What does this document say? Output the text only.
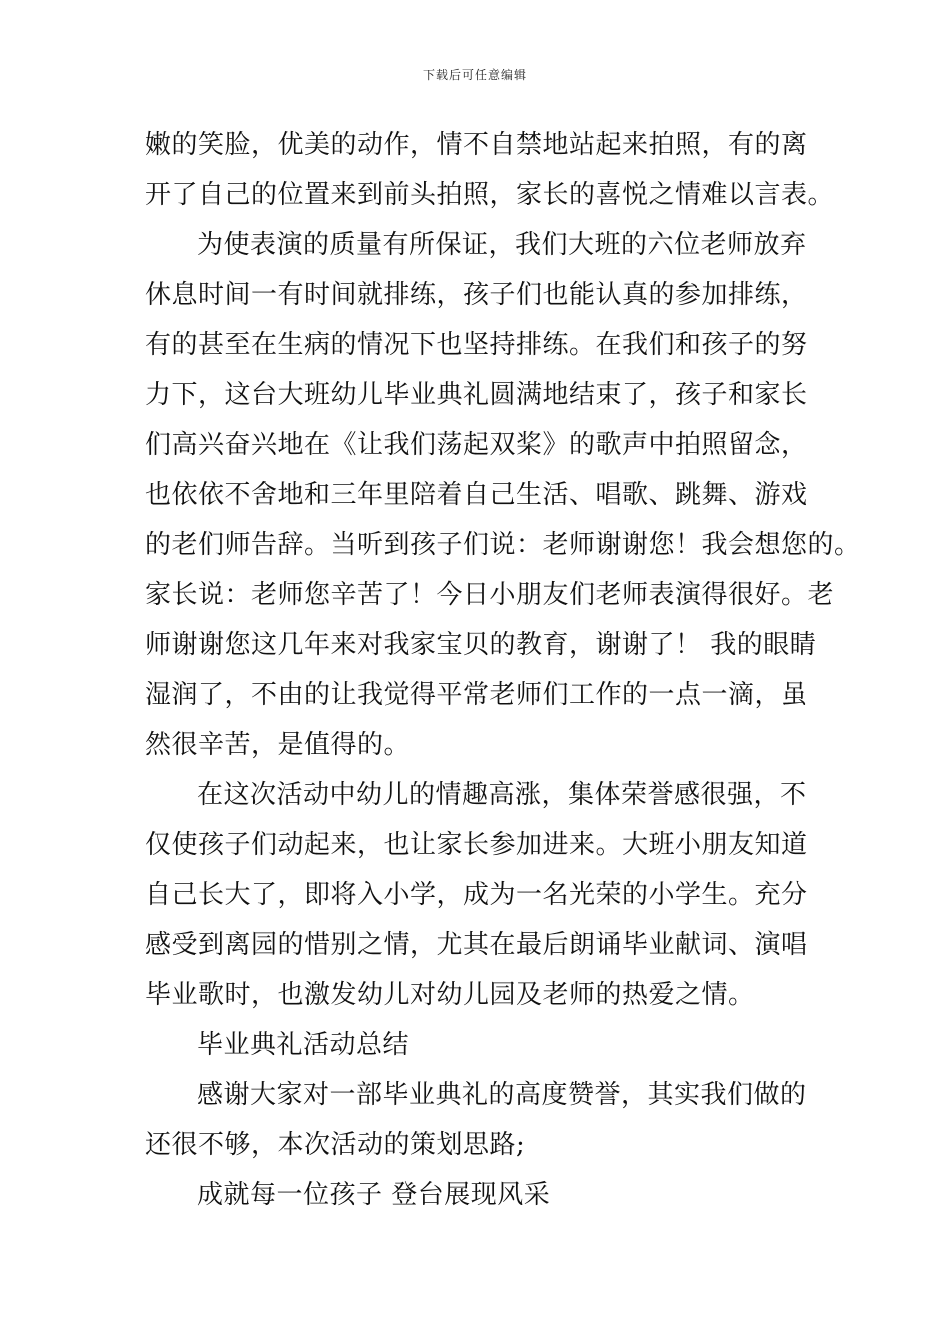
下载后可任意编辑
嫩的笑脸，优美的动作，情不自禁地站起来拍照，有的离
开了自己的位置来到前头拍照，家长的喜悦之情难以言表。
为使表演的质量有所保证，我们大班的六位老师放弃
休息时间一有时间就排练，孩子们也能认真的参加排练，
有的甚至在生病的情况下也坚持排练。在我们和孩子的努
力下，这台大班幼儿毕业典礼圆满地结束了，孩子和家长
们高兴奋兴地在《让我们荡起双桨》的歌声中拍照留念，
也依依不舍地和三年里陪着自己生活、唱歌、跳舞、游戏
的老们师告辞。当听到孩子们说：老师谢谢您！我会想您的。
家长说：老师您辛苦了！今日小朋友们老师表演得很好。老
师谢谢您这几年来对我家宝贝的教育，谢谢了！ 我的眼睛
湿润了，不由的让我觉得平常老师们工作的一点一滴，虽
然很辛苦，是值得的。
在这次活动中幼儿的情趣高涨，集体荣誉感很强，不
仅使孩子们动起来，也让家长参加进来。大班小朋友知道
自己长大了，即将入小学，成为一名光荣的小学生。充分
感受到离园的惜别之情，尤其在最后朗诵毕业献词、演唱
毕业歌时，也激发幼儿对幼儿园及老师的热爱之情。
毕业典礼活动总结
感谢大家对一部毕业典礼的高度赞誉，其实我们做的
还很不够，本次活动的策划思路;
成就每一位孩子 登台展现风采
